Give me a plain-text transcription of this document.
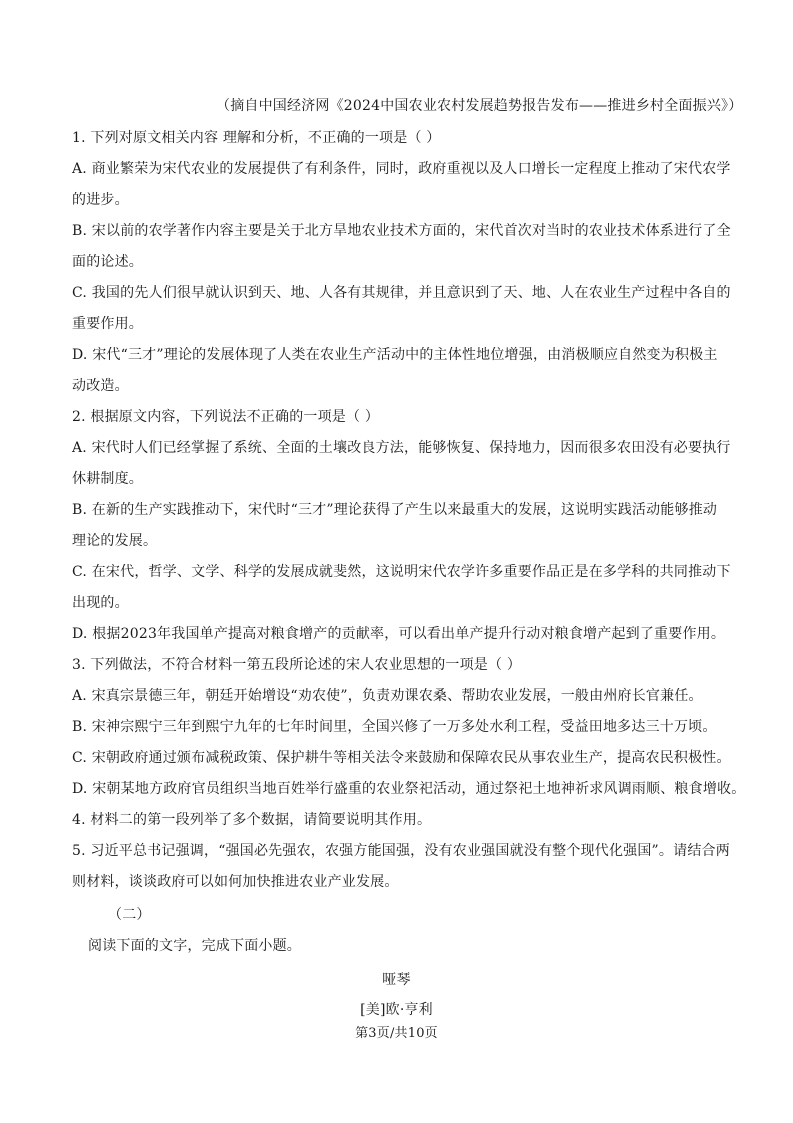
（摘自中国经济网《2024中国农业农村发展趋势报告发布——推进乡村全面振兴》）
1. 下列对原文相关内容 理解和分析，不正确的一项是（ ）
A. 商业繁荣为宋代农业的发展提供了有利条件，同时，政府重视以及人口增长一定程度上推动了宋代农学
的进步。
B. 宋以前的农学著作内容主要是关于北方旱地农业技术方面的，宋代首次对当时的农业技术体系进行了全
面的论述。
C. 我国的先人们很早就认识到天、地、人各有其规律，并且意识到了天、地、人在农业生产过程中各自的
重要作用。
D. 宋代“三才”理论的发展体现了人类在农业生产活动中的主体性地位增强，由消极顺应自然变为积极主
动改造。
2. 根据原文内容，下列说法不正确的一项是（ ）
A. 宋代时人们已经掌握了系统、全面的土壤改良方法，能够恢复、保持地力，因而很多农田没有必要执行
休耕制度。
B. 在新的生产实践推动下，宋代时“三才”理论获得了产生以来最重大的发展，这说明实践活动能够推动
理论的发展。
C. 在宋代，哲学、文学、科学的发展成就斐然，这说明宋代农学许多重要作品正是在多学科的共同推动下
出现的。
D. 根据2023年我国单产提高对粮食增产的贡献率，可以看出单产提升行动对粮食增产起到了重要作用。
3. 下列做法，不符合材料一第五段所论述的宋人农业思想的一项是（ ）
A. 宋真宗景德三年，朝廷开始增设“劝农使”，负责劝课农桑、帮助农业发展，一般由州府长官兼任。
B. 宋神宗熙宁三年到熙宁九年的七年时间里，全国兴修了一万多处水利工程，受益田地多达三十万顷。
C. 宋朝政府通过颁布减税政策、保护耕牛等相关法令来鼓励和保障农民从事农业生产，提高农民积极性。
D. 宋朝某地方政府官员组织当地百姓举行盛重的农业祭祀活动，通过祭祀土地神祈求风调雨顺、粮食增收。
4. 材料二的第一段列举了多个数据，请简要说明其作用。
5. 习近平总书记强调，“强国必先强农，农强方能国强，没有农业强国就没有整个现代化强国”。请结合两
则材料，谈谈政府可以如何加快推进农业产业发展。
（二）
阅读下面的文字，完成下面小题。
哑琴
[美]欧·亨利
第3页/共10页
